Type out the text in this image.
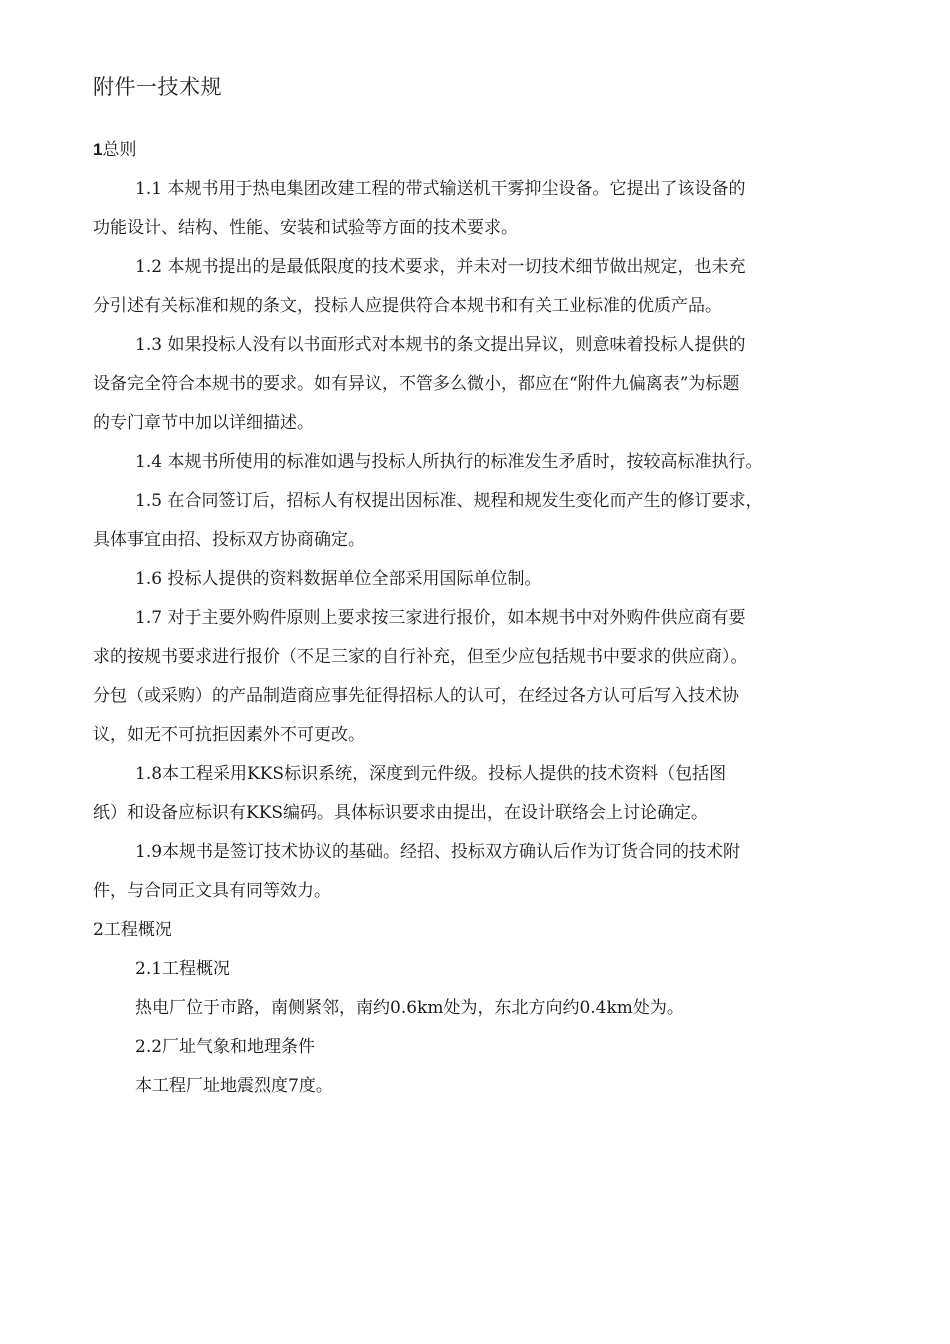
附件一技术规

1总则

1.1 本规书用于热电集团改建工程的带式输送机干雾抑尘设备。它提出了该设备的
功能设计、结构、性能、安装和试验等方面的技术要求。

1.2 本规书提出的是最低限度的技术要求，并未对一切技术细节做出规定，也未充
分引述有关标准和规的条文，投标人应提供符合本规书和有关工业标准的优质产品。

1.3 如果投标人没有以书面形式对本规书的条文提出异议，则意味着投标人提供的
设备完全符合本规书的要求。如有异议，不管多么微小，都应在“附件九偏离表”为标题
的专门章节中加以详细描述。

1.4 本规书所使用的标准如遇与投标人所执行的标准发生矛盾时，按较高标准执行。

1.5 在合同签订后，招标人有权提出因标准、规程和规发生变化而产生的修订要求，
具体事宜由招、投标双方协商确定。

1.6 投标人提供的资料数据单位全部采用国际单位制。

1.7 对于主要外购件原则上要求按三家进行报价，如本规书中对外购件供应商有要
求的按规书要求进行报价（不足三家的自行补充，但至少应包括规书中要求的供应商）。
分包（或采购）的产品制造商应事先征得招标人的认可，在经过各方认可后写入技术协
议，如无不可抗拒因素外不可更改。

1.8本工程采用KKS标识系统，深度到元件级。投标人提供的技术资料（包括图
纸）和设备应标识有KKS编码。具体标识要求由提出，在设计联络会上讨论确定。

1.9本规书是签订技术协议的基础。经招、投标双方确认后作为订货合同的技术附
件，与合同正文具有同等效力。

2工程概况

2.1工程概况

热电厂位于市路，南侧紧邻，南约0.6km处为，东北方向约0.4km处为。

2.2厂址气象和地理条件

本工程厂址地震烈度7度。
